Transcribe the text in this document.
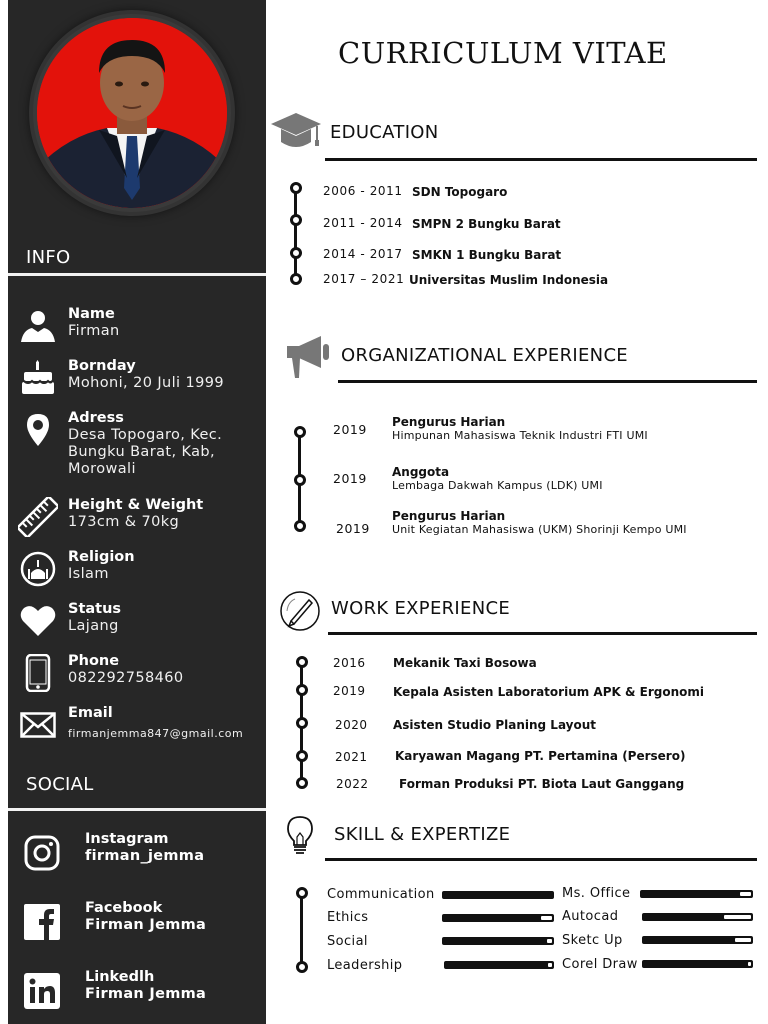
INFO
Name
Firman
Bornday
Mohoni, 20 Juli 1999
Adress
Desa Topogaro, Kec. Bungku Barat, Kab, Morowali
Height & Weight
173cm & 70kg
Religion
Islam
Status
Lajang
Phone
082292758460
Email
firmanjemma847@gmail.com
SOCIAL
Instagram
firman_jemma
Facebook
Firman Jemma
Linkedlh
Firman Jemma
CURRICULUM VITAE
EDUCATION
2006 - 2011 SDN Topogaro
2011 - 2014 SMPN 2 Bungku Barat
2014 - 2017 SMKN 1 Bungku Barat
2017 – 2021 Universitas Muslim Indonesia
ORGANIZATIONAL EXPERIENCE
2019 Pengurus Harian
Himpunan Mahasiswa Teknik Industri FTI UMI
2019 Anggota
Lembaga Dakwah Kampus (LDK) UMI
2019
Pengurus Harian
Unit Kegiatan Mahasiswa (UKM) Shorinji Kempo UMI
WORK EXPERIENCE
2016 Mekanik Taxi Bosowa
2019 Kepala Asisten Laboratorium APK & Ergonomi
2020 Asisten Studio Planing Layout
2021 Karyawan Magang PT. Pertamina (Persero)
2022	Forman Produksi PT. Biota Laut Ganggang
SKILL & EXPERTIZE
Communication
Ethics
Social
Leadership
Ms. Office
Autocad
Sketc Up
Corel Draw
